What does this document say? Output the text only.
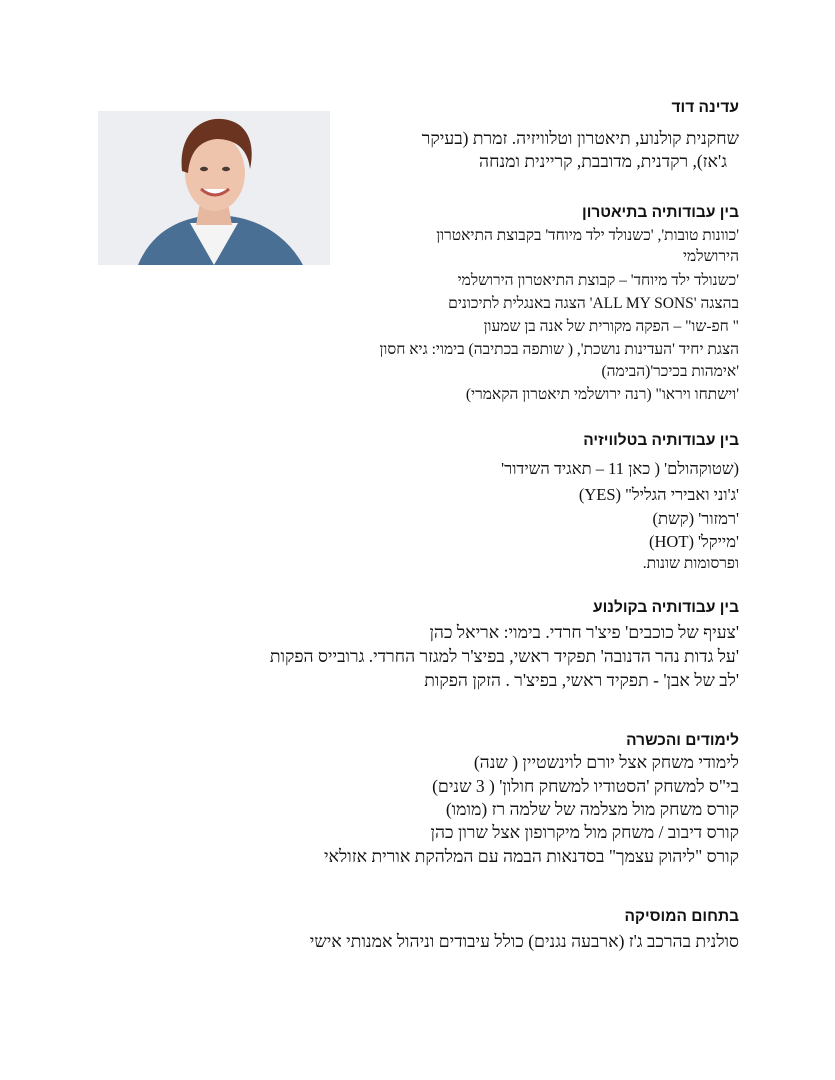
עדינה דוד
שחקנית קולנוע, תיאטרון וטלוויזיה. זמרת (בעיקר
ג'אז), רקדנית, מדובבת, קריינית ומנחה
בין עבודותיה בתיאטרון
'כוונות טובות', 'כשנולד ילד מיוחד' בקבוצת התיאטרון
הירושלמי
'כשנולד ילד מיוחד' – קבוצת התיאטרון הירושלמי
בהצגה 'ALL MY SONS' הצגה באנגלית לתיכונים
" חפ-שו" – הפקה מקורית של אנה בן שמעון
הצגת יחיד 'העדינות נושכת', ( שותפה בכתיבה) בימוי: גיא חסון
'אימהות בכיכר'(הבימה)
'וישתחו ויראו" (רנה ירושלמי תיאטרון הקאמרי)
בין עבודותיה בטלוויזיה
(שטוקהולם' ( כאן 11 – תאגיד השידור'
'ג'וני ואבירי הגליל" (YES)
'רמזור' (קשת)
'מייקל' (HOT)
ופרסומות שונות.
בין עבודותיה בקולנוע
'צעיף של כוכבים' פיצ'ר חרדי. בימוי: אריאל כהן
'על גדות נהר הדנובה' תפקיד ראשי, בפיצ'ר למגזר החרדי. גרובייס הפקות
'לב של אבן' - תפקיד ראשי, בפיצ'ר . הזקן הפקות
לימודים והכשרה
לימודי משחק אצל יורם לוינשטיין ( שנה)
בי"ס למשחק 'הסטודיו למשחק חולון' ( 3 שנים)
קורס משחק מול מצלמה של שלמה רז (מומו)
קורס דיבוב / משחק מול מיקרופון אצל שרון כהן
קורס "ליהוק עצמך" בסדנאות הבמה עם המלהקת אורית אזולאי
בתחום המוסיקה
סולנית בהרכב ג'ז (ארבעה נגנים) כולל עיבודים וניהול אמנותי אישי
